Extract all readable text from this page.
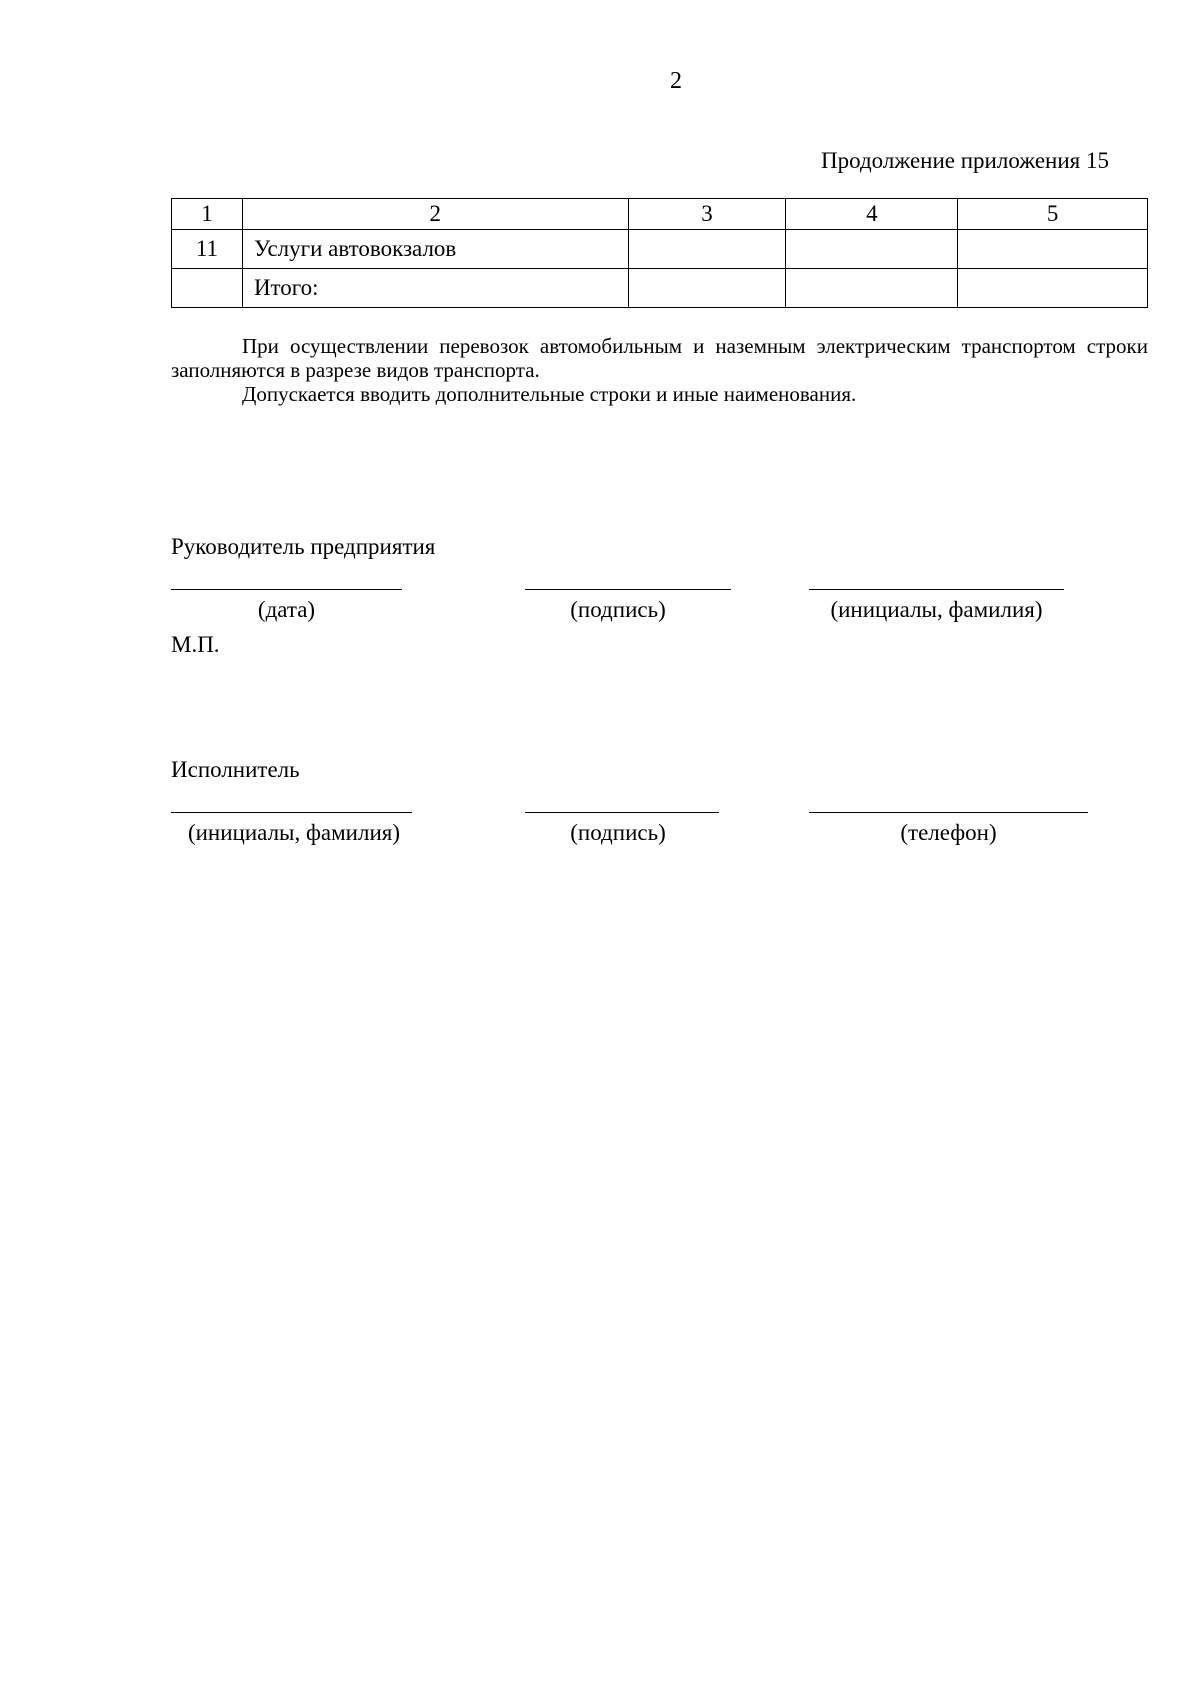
2
Продолжение приложения 15
1	2	3	4	5
11	Услуги автовокзалов			
	Итого:			

При осуществлении перевозок автомобильным и наземным электрическим транспортом строки заполняются в разрезе видов транспорта.

Допускается вводить дополнительные строки и иные наименования.

Руководитель предприятия
(дата)	(подпись)	(инициалы, фамилия)
М.П.
Исполнитель
(инициалы, фамилия)	(подпись)	(телефон)
